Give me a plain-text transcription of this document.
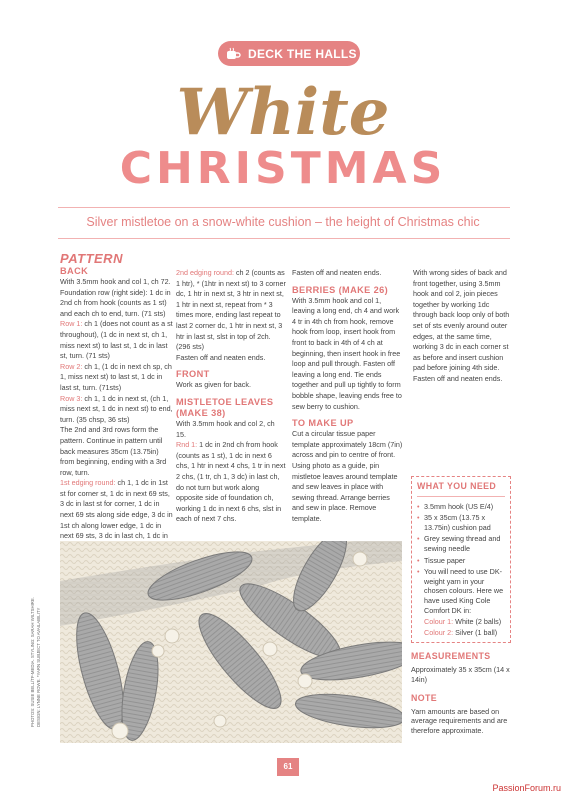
DECK THE HALLS
White
CHRISTMAS
Silver mistletoe on a snow-white cushion – the height of Christmas chic
PATTERN
BACK

With 3.5mm hook and col 1, ch 72.

Foundation row (right side): 1 dc in 2nd ch from hook (counts as 1 st) and each ch to end, turn. (71 sts)

Row 1: ch 1 (does not count as a st throughout), (1 dc in next st, ch 1, miss next st) to last st, 1 dc in last st, turn. (71 sts)

Row 2: ch 1, (1 dc in next ch sp, ch 1, miss next st) to last st, 1 dc in last st, turn. (71sts)

Row 3: ch 1, 1 dc in next st, (ch 1, miss next st, 1 dc in next st) to end, turn. (35 chsp, 36 sts)

The 2nd and 3rd rows form the pattern. Continue in pattern until back measures 35cm (13.75in) from beginning, ending with a 3rd row, turn.

1st edging round: ch 1, 1 dc in 1st st for corner st, 1 dc in next 69 sts, 3 dc in last st for corner, 1 dc in next 69 sts along side edge, 3 dc in 1st ch along lower edge, 1 dc in next 69 sts, 3 dc in last ch, 1 dc in

2nd edging round: ch 2 (counts as 1 htr), * (1htr in next st) to 3 corner dc, 1 htr in next st, 3 htr in next st, 1 htr in next st, repeat from * 3 times more, ending last repeat to last 2 corner dc, 1 htr in next st, 3 htr in last st, slst in top of 2ch. (296 sts)

Fasten off and neaten ends.

FRONT

Work as given for back.

MISTLETOE LEAVES (MAKE 38)

With 3.5mm hook and col 2, ch 15.

Rnd 1: 1 dc in 2nd ch from hook (counts as 1 st), 1 dc in next 6 chs, 1 htr in next 4 chs, 1 tr in next 2 chs, (1 tr, ch 1, 3 dc) in last ch, do not turn but work along opposite side of foundation ch, working 1 dc in next 6 chs, slst in each of next 7 chs.

Fasten off and neaten ends.

BERRIES (MAKE 26)

With 3.5mm hook and col 1, leaving a long end, ch 4 and work 4 tr in 4th ch from hook, remove hook from loop, insert hook from front to back in 4th of 4 ch at beginning, then insert hook in free loop and pull through. Fasten off leaving a long end. Tie ends together and pull up tightly to form bobble shape, leaving ends free to sew berry to cushion.

TO MAKE UP

Cut a circular tissue paper template approximately 18cm (7in) across and pin to centre of front. Using photo as a guide, pin mistletoe leaves around template and sew leaves in place with sewing thread. Arrange berries and sew in place. Remove template.

With wrong sides of back and front together, using 3.5mm hook and col 2, join pieces together by working 1dc through back loop only of both set of sts evenly around outer edges, at the same time, working 3 dc in each corner st as before and insert cushion pad before joining 4th side.

Fasten off and neaten ends.

WHAT YOU NEED
• 3.5mm hook (US E/4)
• 35 x 35cm (13.75 x 13.75in) cushion pad
• Grey sewing thread and sewing needle
• Tissue paper
• You will need to use DK-weight yarn in your chosen colours. Here we have used King Cole Comfort DK in:

Colour 1: White (2 balls)

Colour 2: Silver (1 ball)

MEASUREMENTS

Approximately 35 x 35cm (14 x 14in)

NOTE

Yarn amounts are based on average requirements and are therefore approximate.

PHOTOS: SUSIE BELL/TF-MEDIA. STYLING: SARAH WILTSHIRE. DESIGN: LYNNE ROWE. *YARN SUBJECT TO AVAILABILITY
61
PassionForum.ru
